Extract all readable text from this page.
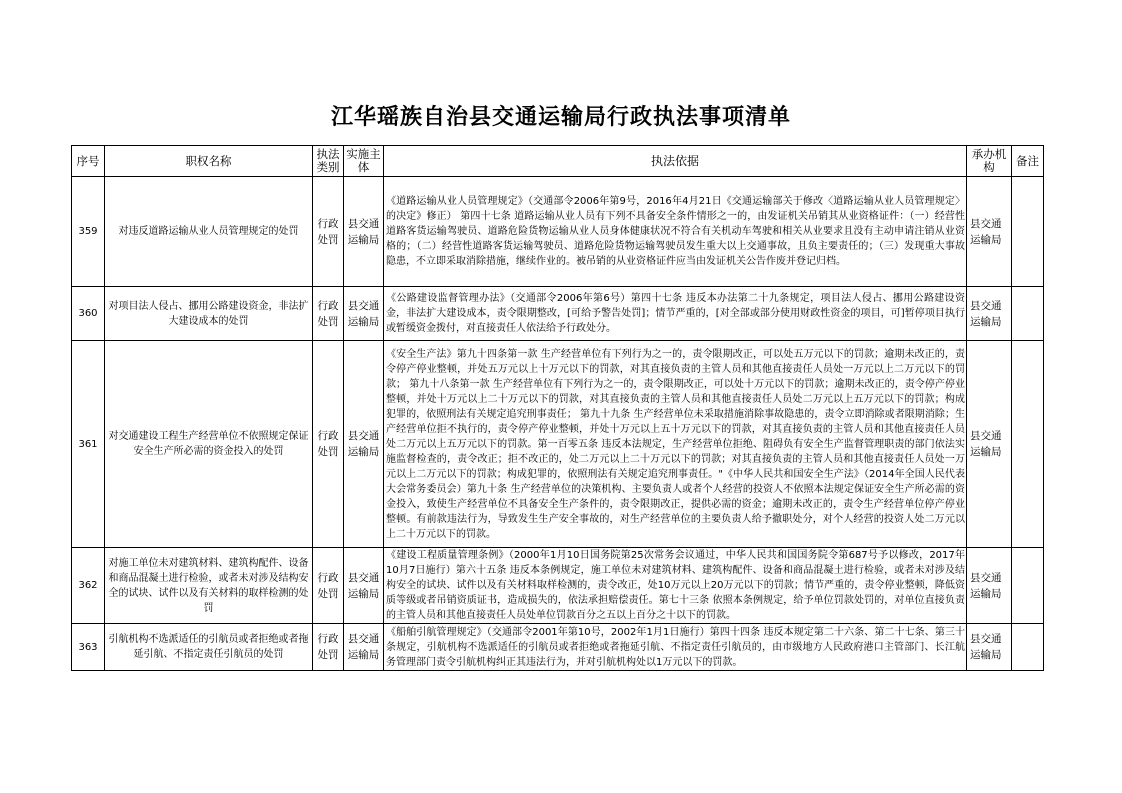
江华瑶族自治县交通运输局行政执法事项清单
序号	职权名称	执法类别	实施主体	执法依据	承办机构	备注
359	对违反道路运输从业人员管理规定的处罚	行政处罚	县交通运输局	《道路运输从业人员管理规定》（交通部令2006年第9号，2016年4月21日《交通运输部关于修改〈道路运输从业人员管理规定〉的决定》修正） 第四十七条 道路运输从业人员有下列不具备安全条件情形之一的，由发证机关吊销其从业资格证件：（一）经营性道路客货运输驾驶员、道路危险货物运输从业人员身体健康状况不符合有关机动车驾驶和相关从业要求且没有主动申请注销从业资格的；（二）经营性道路客货运输驾驶员、道路危险货物运输驾驶员发生重大以上交通事故，且负主要责任的；（三）发现重大事故隐患，不立即采取消除措施，继续作业的。被吊销的从业资格证件应当由发证机关公告作废并登记归档。	县交通运输局	
360	对项目法人侵占、挪用公路建设资金，非法扩大建设成本的处罚	行政处罚	县交通运输局	《公路建设监督管理办法》（交通部令2006年第6号）第四十七条 违反本办法第二十九条规定，项目法人侵占、挪用公路建设资金，非法扩大建设成本，责令限期整改，[可给予警告处罚]；情节严重的，[对全部或部分使用财政性资金的项目，可]暂停项目执行或暂缓资金拨付，对直接责任人依法给予行政处分。	县交通运输局	
361	对交通建设工程生产经营单位不依照规定保证安全生产所必需的资金投入的处罚	行政处罚	县交通运输局	《安全生产法》第九十四条第一款 生产经营单位有下列行为之一的，责令限期改正，可以处五万元以下的罚款；逾期未改正的，责令停产停业整顿，并处五万元以上十万元以下的罚款，对其直接负责的主管人员和其他直接责任人员处一万元以上二万元以下的罚款； 第九十八条第一款 生产经营单位有下列行为之一的，责令限期改正，可以处十万元以下的罚款；逾期未改正的，责令停产停业整顿，并处十万元以上二十万元以下的罚款，对其直接负责的主管人员和其他直接责任人员处二万元以上五万元以下的罚款；构成犯罪的，依照刑法有关规定追究刑事责任； 第九十九条 生产经营单位未采取措施消除事故隐患的，责令立即消除或者限期消除；生产经营单位拒不执行的，责令停产停业整顿，并处十万元以上五十万元以下的罚款，对其直接负责的主管人员和其他直接责任人员处二万元以上五万元以下的罚款。第一百零五条 违反本法规定，生产经营单位拒绝、阻碍负有安全生产监督管理职责的部门依法实施监督检查的，责令改正；拒不改正的，处二万元以上二十万元以下的罚款；对其直接负责的主管人员和其他直接责任人员处一万元以上二万元以下的罚款；构成犯罪的，依照刑法有关规定追究刑事责任。"《中华人民共和国安全生产法》（2014年全国人民代表大会常务委员会）第九十条 生产经营单位的决策机构、主要负责人或者个人经营的投资人不依照本法规定保证安全生产所必需的资金投入，致使生产经营单位不具备安全生产条件的，责令限期改正，提供必需的资金；逾期未改正的，责令生产经营单位停产停业整顿。有前款违法行为，导致发生生产安全事故的，对生产经营单位的主要负责人给予撤职处分，对个人经营的投资人处二万元以上二十万元以下的罚款。	县交通运输局	
362	对施工单位未对建筑材料、建筑构配件、设备和商品混凝土进行检验，或者未对涉及结构安全的试块、试件以及有关材料的取样检测的处罚	行政处罚	县交通运输局	《建设工程质量管理条例》（2000年1月10日国务院第25次常务会议通过，中华人民共和国国务院令第687号予以修改，2017年10月7日施行）第六十五条 违反本条例规定，施工单位未对建筑材料、建筑构配件、设备和商品混凝土进行检验，或者未对涉及结构安全的试块、试件以及有关材料取样检测的，责令改正，处10万元以上20万元以下的罚款；情节严重的，责令停业整顿，降低资质等级或者吊销资质证书，造成损失的，依法承担赔偿责任。第七十三条 依照本条例规定，给予单位罚款处罚的，对单位直接负责的主管人员和其他直接责任人员处单位罚款百分之五以上百分之十以下的罚款。	县交通运输局	
363	引航机构不选派适任的引航员或者拒绝或者拖延引航、不指定责任引航员的处罚	行政处罚	县交通运输局	《船舶引航管理规定》（交通部令2001年第10号，2002年1月1日施行）第四十四条 违反本规定第二十六条、第二十七条、第三十条规定，引航机构不选派适任的引航员或者拒绝或者拖延引航、不指定责任引航员的，由市级地方人民政府港口主管部门、长江航务管理部门责令引航机构纠正其违法行为，并对引航机构处以1万元以下的罚款。	县交通运输局	
